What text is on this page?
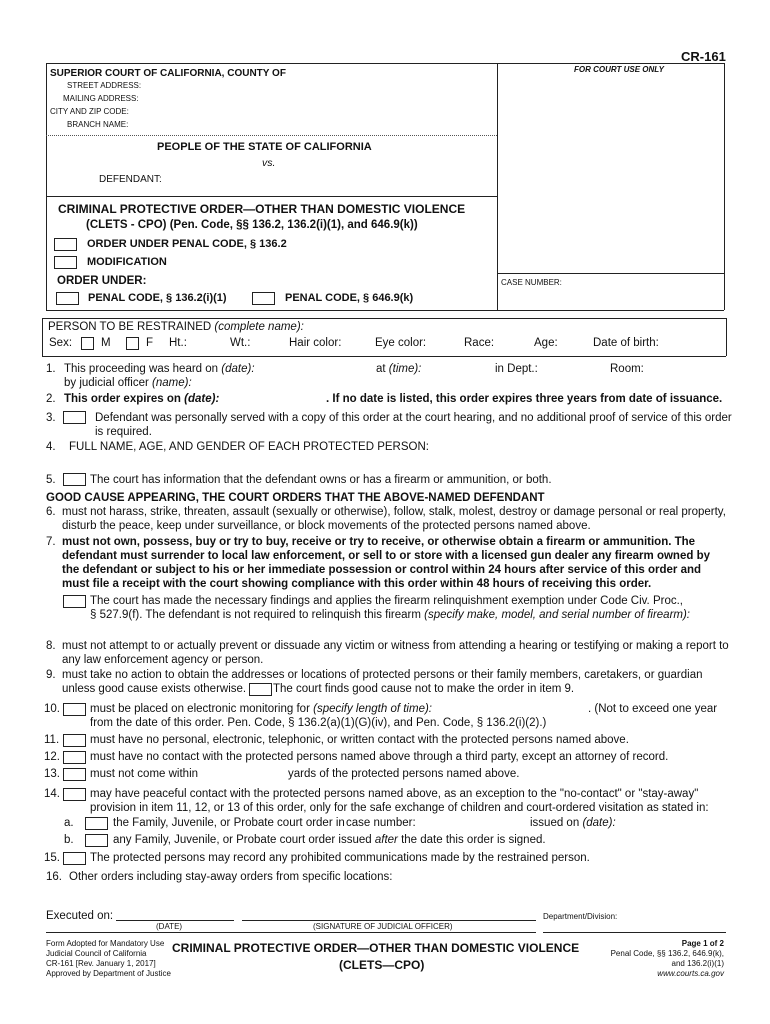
CR-161
FOR COURT USE ONLY
SUPERIOR COURT OF CALIFORNIA, COUNTY OF
STREET ADDRESS:
MAILING ADDRESS:
CITY AND ZIP CODE:
BRANCH NAME:
PEOPLE OF THE STATE OF CALIFORNIA
vs.
DEFENDANT:
CRIMINAL PROTECTIVE ORDER—OTHER THAN DOMESTIC VIOLENCE
(CLETS - CPO) (Pen. Code, §§ 136.2, 136.2(i)(1), and 646.9(k))
ORDER UNDER PENAL CODE, § 136.2
MODIFICATION
ORDER UNDER:
PENAL CODE, § 136.2(i)(1)	PENAL CODE, § 646.9(k)
CASE NUMBER:
PERSON TO BE RESTRAINED (complete name):
Sex:	M	F Ht.:	Wt.:	Hair color:	Eye color:	Race:	Age:	Date of birth:
1. This proceeding was heard on (date):	at (time):	in Dept.:	Room:
by judicial officer (name):
2. This order expires on (date):	. If no date is listed, this order expires three years from date of issuance.
3.	Defendant was personally served with a copy of this order at the court hearing, and no additional proof of service of this order
is required.
4. FULL NAME, AGE, AND GENDER OF EACH PROTECTED PERSON:
5.	The court has information that the defendant owns or has a firearm or ammunition, or both.
GOOD CAUSE APPEARING, THE COURT ORDERS THAT THE ABOVE-NAMED DEFENDANT
6. must not harass, strike, threaten, assault (sexually or otherwise), follow, stalk, molest, destroy or damage personal or real property,
disturb the peace, keep under surveillance, or block movements of the protected persons named above.
7. must not own, possess, buy or try to buy, receive or try to receive, or otherwise obtain a firearm or ammunition. The
defendant must surrender to local law enforcement, or sell to or store with a licensed gun dealer any firearm owned by
the defendant or subject to his or her immediate possession or control within 24 hours after service of this order and
must file a receipt with the court showing compliance with this order within 48 hours of receiving this order.
The court has made the necessary findings and applies the firearm relinquishment exemption under Code Civ. Proc.,
§ 527.9(f). The defendant is not required to relinquish this firearm (specify make, model, and serial number of firearm):
8. must not attempt to or actually prevent or dissuade any victim or witness from attending a hearing or testifying or making a report to
any law enforcement agency or person.
9. must take no action to obtain the addresses or locations of protected persons or their family members, caretakers, or guardian
unless good cause exists otherwise. The court finds good cause not to make the order in item 9.
10.	must be placed on electronic monitoring for (specify length of time):	. (Not to exceed one year
from the date of this order. Pen. Code, § 136.2(a)(1)(G)(iv), and Pen. Code, § 136.2(i)(2).)
11.	must have no personal, electronic, telephonic, or written contact with the protected persons named above.
12.	must have no contact with the protected persons named above through a third party, except an attorney of record.
13.	must not come within	yards of the protected persons named above.
14.	may have peaceful contact with the protected persons named above, as an exception to the "no-contact" or "stay-away"
provision in item 11, 12, or 13 of this order, only for the safe exchange of children and court-ordered visitation as stated in:
a.	the Family, Juvenile, or Probate court order in case number:	issued on (date):
b.	any Family, Juvenile, or Probate court order issued after the date this order is signed.
15.	The protected persons may record any prohibited communications made by the restrained person.
16. Other orders including stay-away orders from specific locations:
Executed on:
(DATE)	(SIGNATURE OF JUDICIAL OFFICER)
Department/Division:
Form Adopted for Mandatory Use
Judicial Council of California
CR-161 [Rev. January 1, 2017]
Approved by Department of Justice
CRIMINAL PROTECTIVE ORDER—OTHER THAN DOMESTIC VIOLENCE
(CLETS—CPO)
Page 1 of 2
Penal Code, §§ 136.2, 646.9(k),
and 136.2(i)(1)
www.courts.ca.gov
